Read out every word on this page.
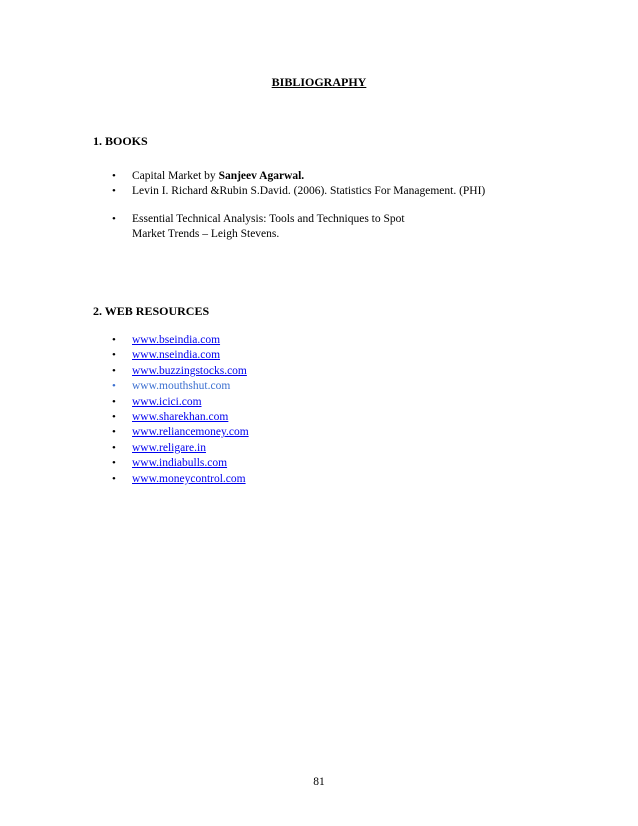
BIBLIOGRAPHY
1. BOOKS
• Capital Market by Sanjeev Agarwal.
• Levin I. Richard &Rubin S.David. (2006). Statistics For Management. (PHI)
• Essential Technical Analysis: Tools and Techniques to Spot
Market Trends – Leigh Stevens.
2. WEB RESOURCES
• www.bseindia.com
• www.nseindia.com
• www.buzzingstocks.com
• www.mouthshut.com
• www.icici.com
• www.sharekhan.com
• www.reliancemoney.com
• www.religare.in
• www.indiabulls.com
• www.moneycontrol.com
81
